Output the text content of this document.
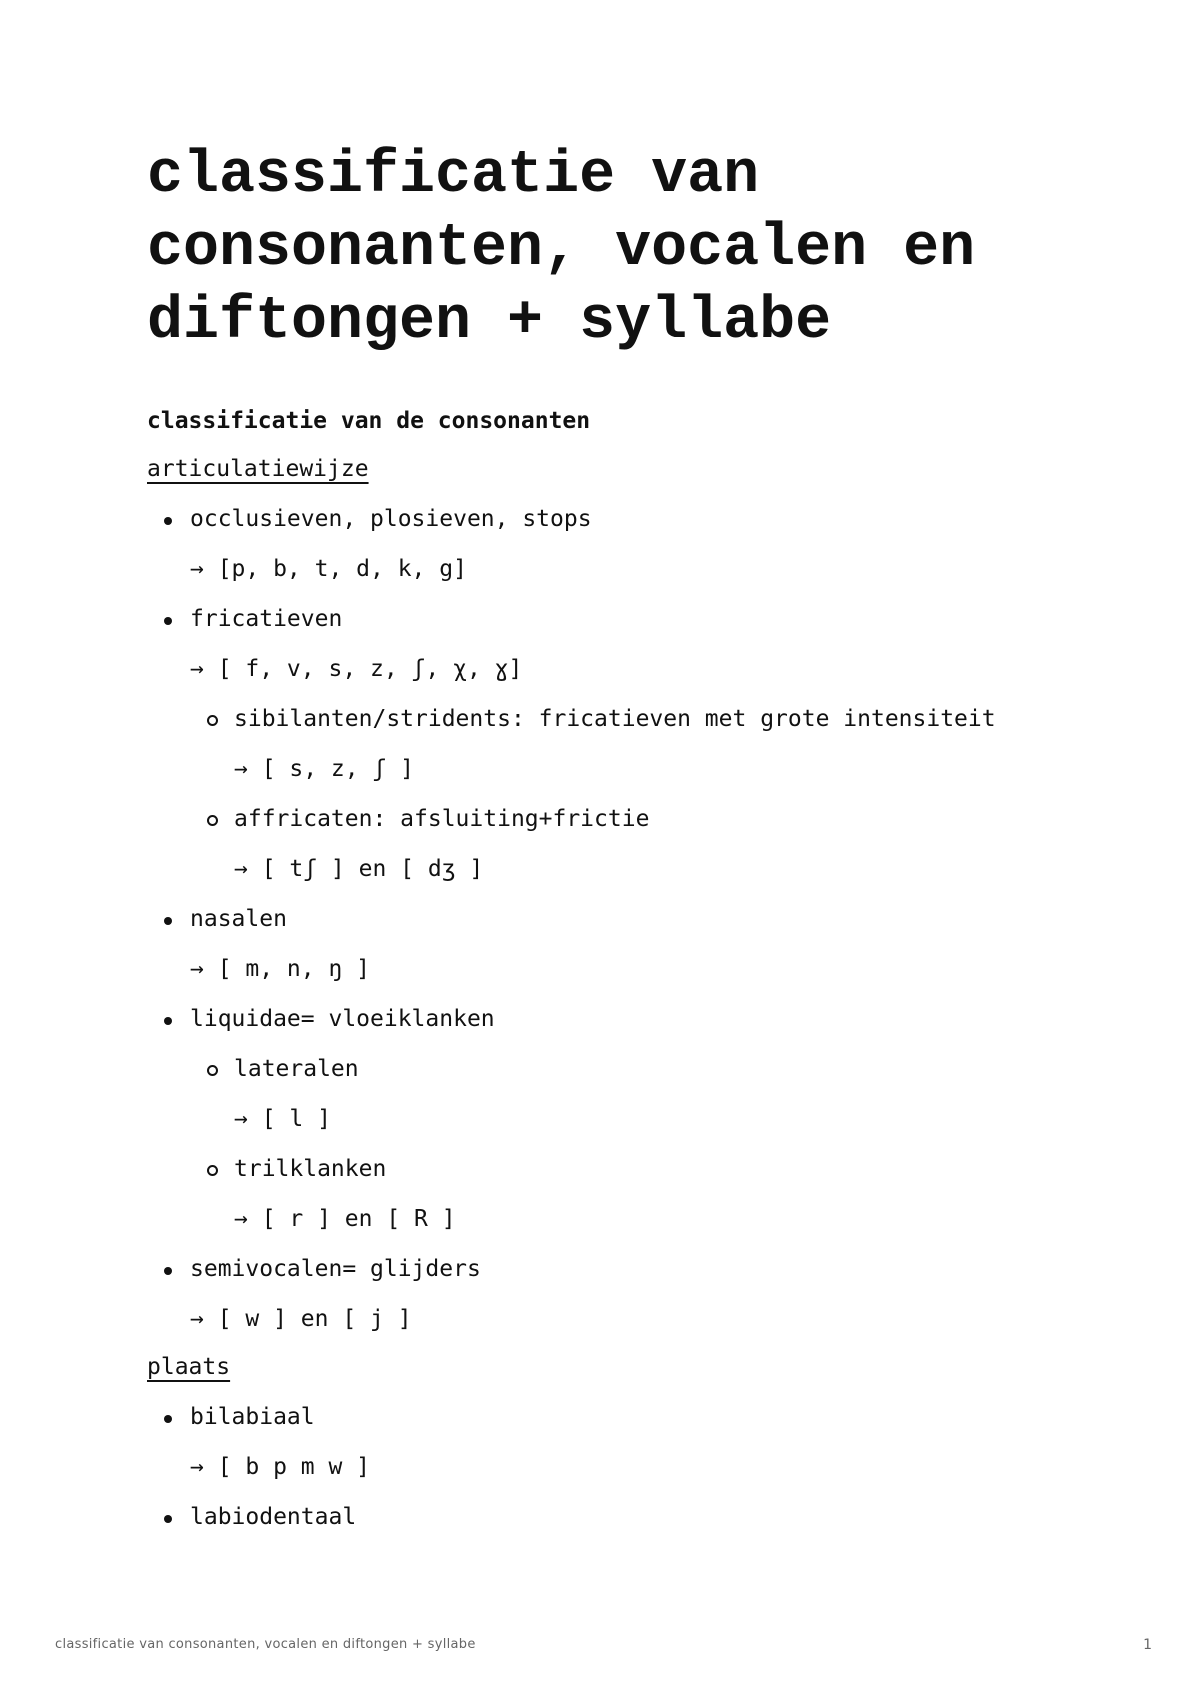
classificatie van consonanten, vocalen en diftongen + syllabe
classificatie van de consonanten
articulatiewijze
occlusieven, plosieven, stops
→ [p, b, t, d, k, g]
fricatieven
→ [ f, v, s, z, ʃ, χ, ɣ]
sibilanten/stridents: fricatieven met grote intensiteit
→ [ s, z, ʃ ]
affricaten: afsluiting+frictie
→ [ tʃ ] en [ dʒ ]
nasalen
→ [ m, n, ŋ ]
liquidae= vloeiklanken
lateralen
→ [ l ]
trilklanken
→ [ r ] en [ R ]
semivocalen= glijders
→ [ w ] en [ j ]
plaats
bilabiaal
→ [ b p m w ]
labiodentaal
classificatie van consonanten, vocalen en diftongen + syllabe	1
